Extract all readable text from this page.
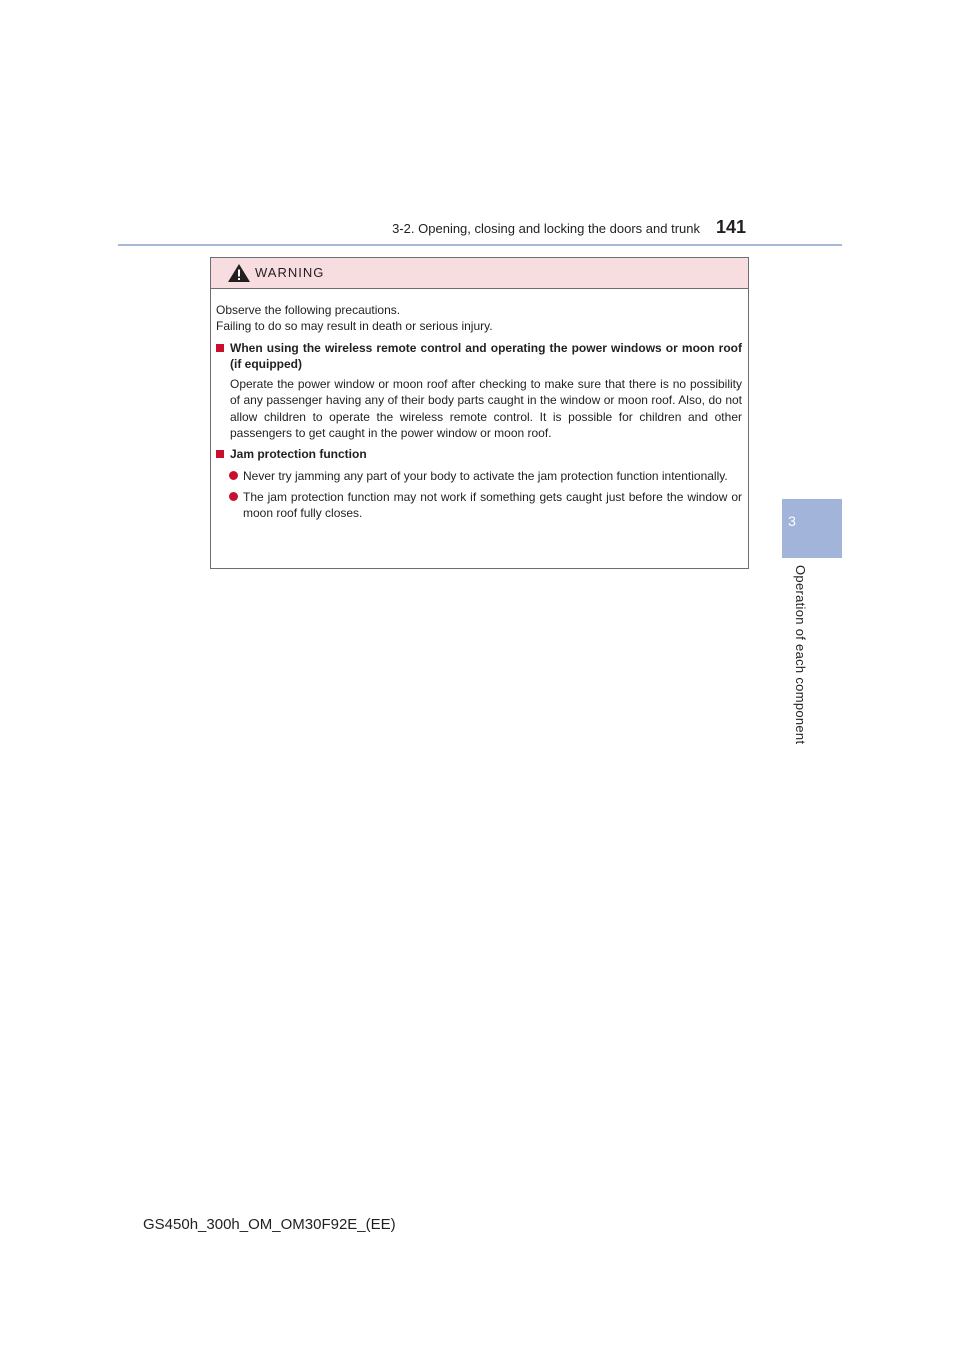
3-2. Opening, closing and locking the doors and trunk 141
3
Operation of each component
WARNING
Observe the following precautions.
Failing to do so may result in death or serious injury.
When using the wireless remote control and operating the power windows or moon roof (if equipped)
Operate the power window or moon roof after checking to make sure that there is no possibility of any passenger having any of their body parts caught in the window or moon roof. Also, do not allow children to operate the wireless remote control. It is possible for children and other passengers to get caught in the power window or moon roof.
Jam protection function
Never try jamming any part of your body to activate the jam protection function intentionally.
The jam protection function may not work if something gets caught just before the window or moon roof fully closes.
GS450h_300h_OM_OM30F92E_(EE)
